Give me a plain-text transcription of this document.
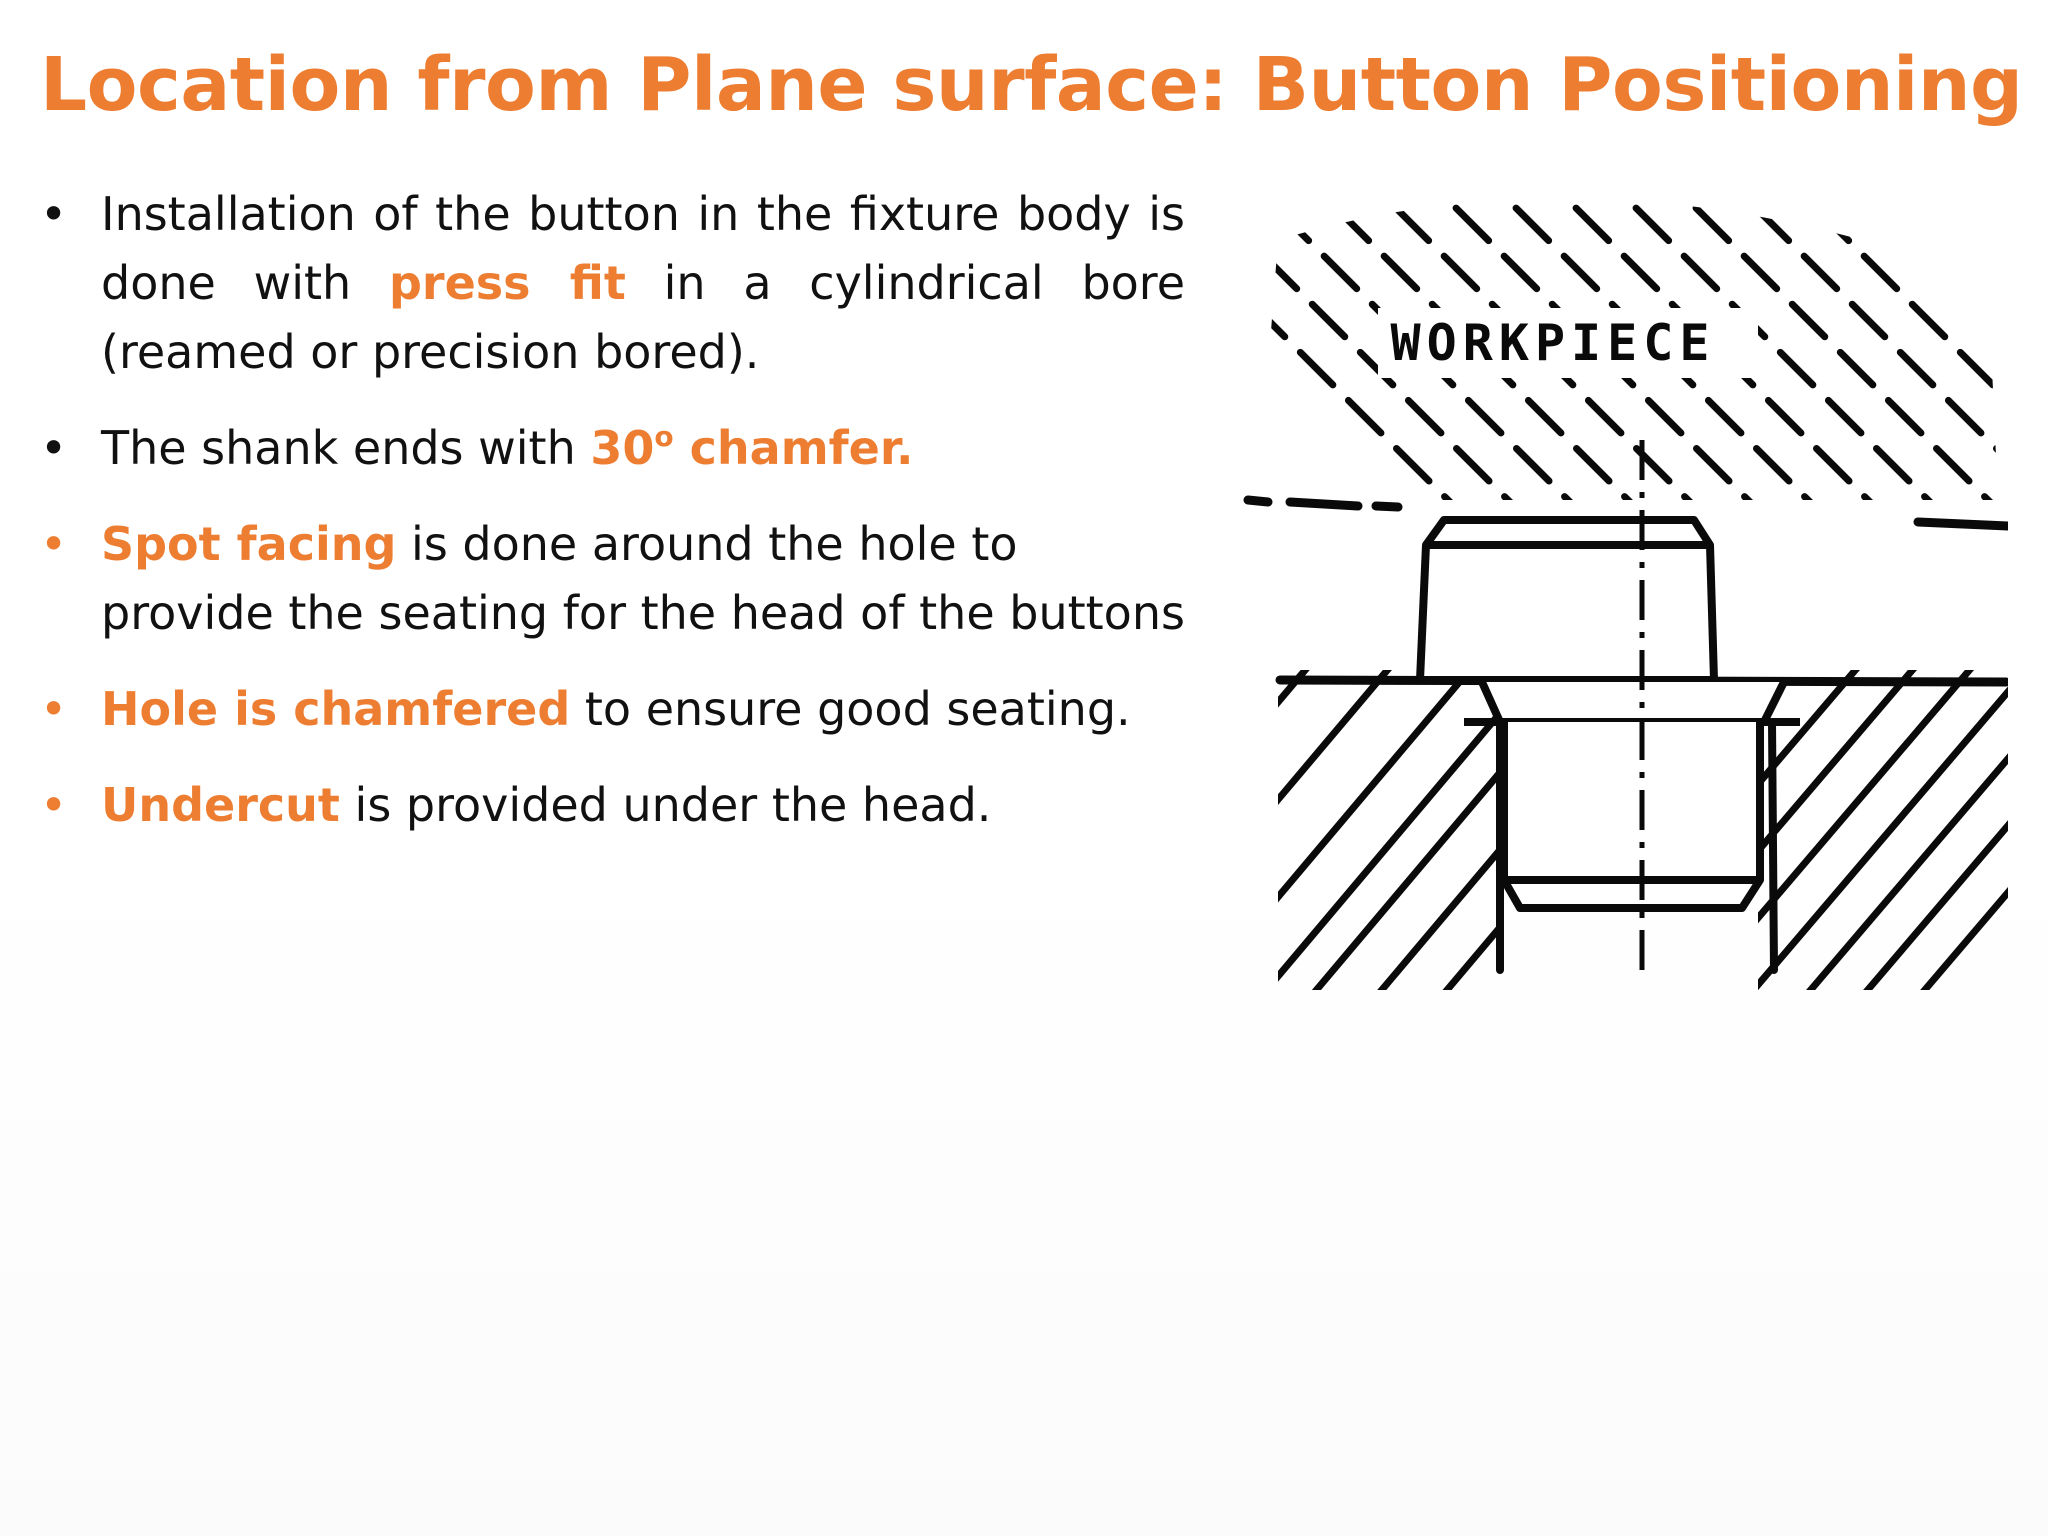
Location from Plane surface: Button Positioning
• Installation of the button in the fixture body is done with press fit in a cylindrical bore (reamed or precision bored).
• The shank ends with 30$^o$ chamfer.
• Spot facing is done around the hole to provide the seating for the head of the buttons
• Hole is chamfered to ensure good seating.
• Undercut is provided under the head.
WORKPIECE
